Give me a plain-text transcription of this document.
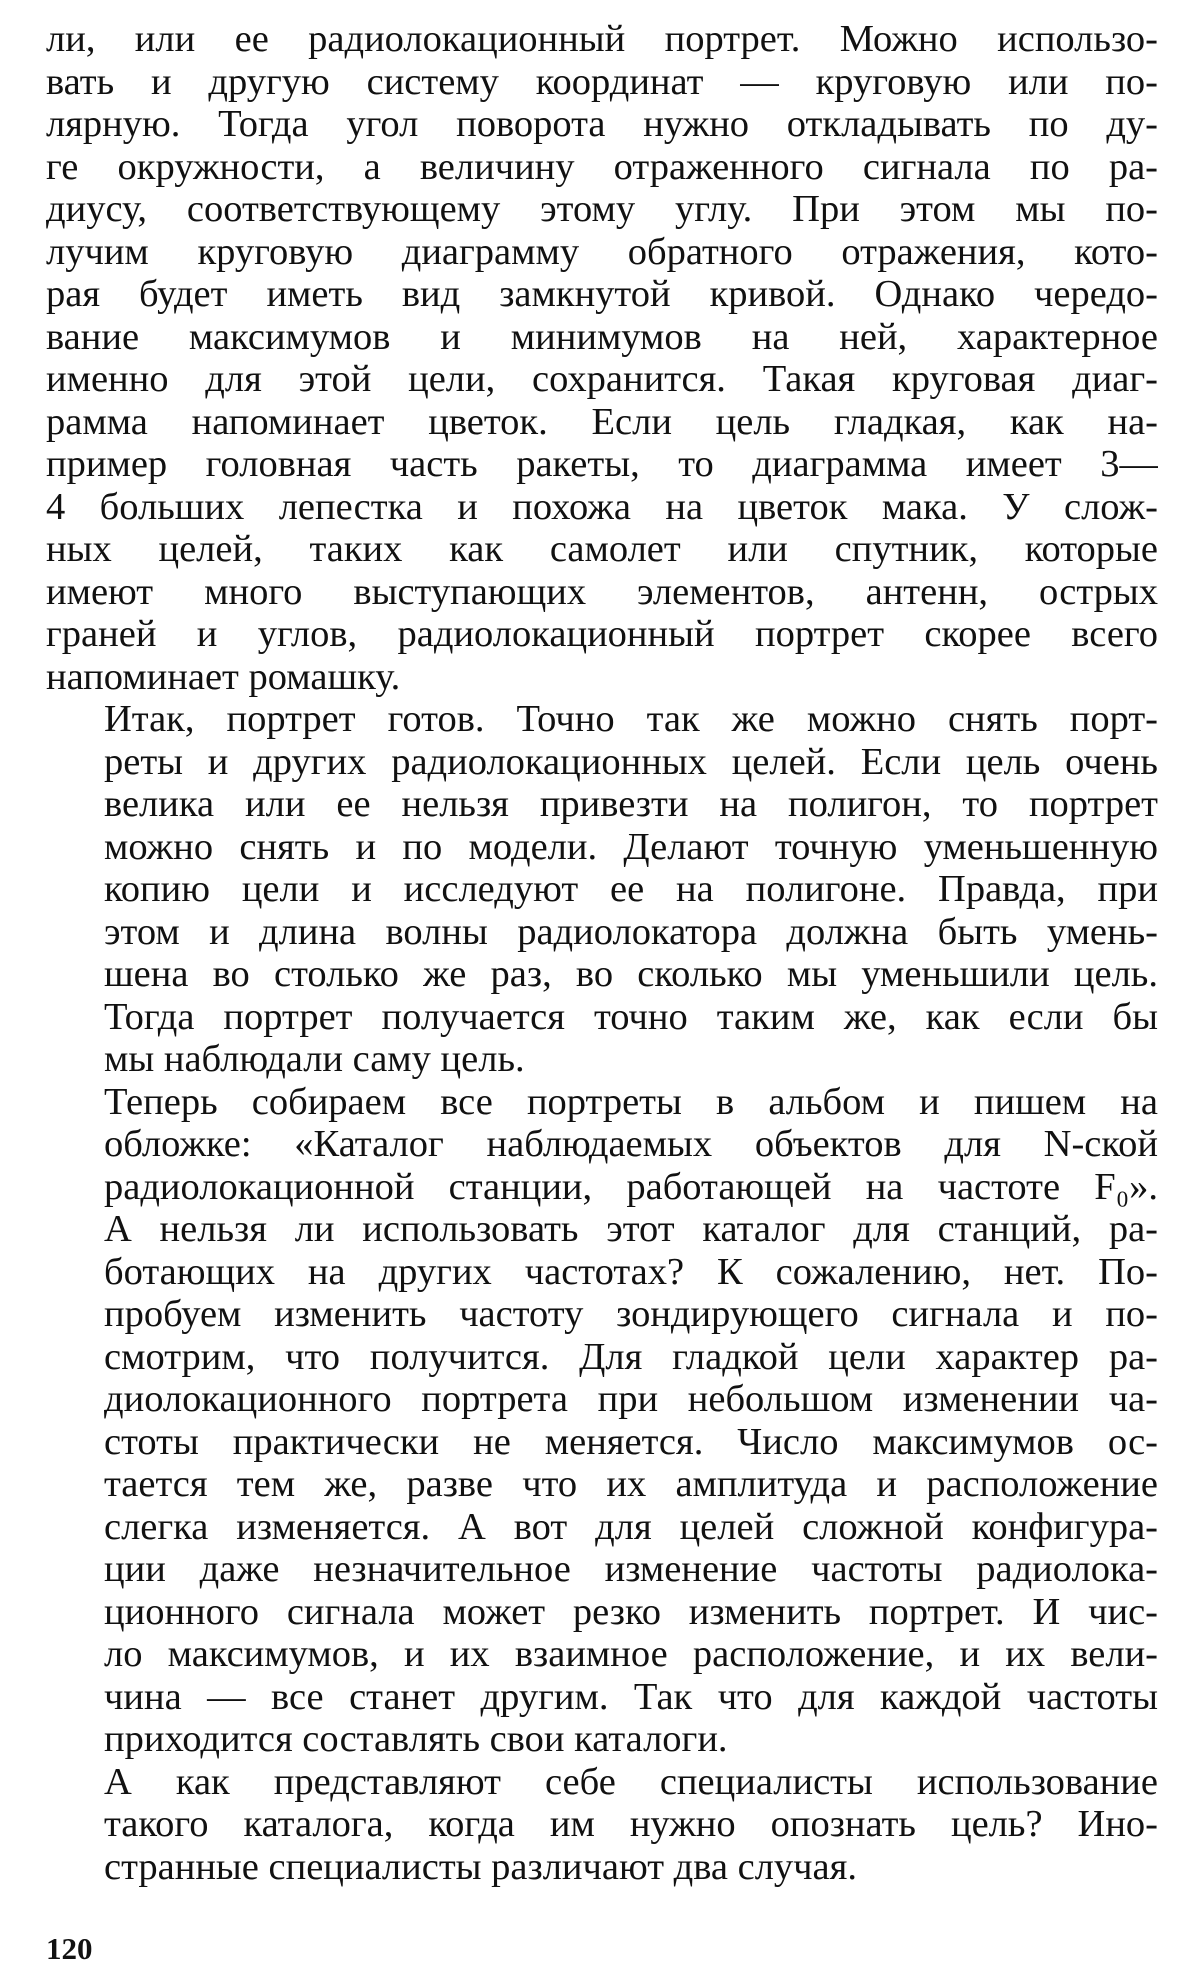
ли, или ее радиолокационный портрет. Можно использо-
вать и другую систему координат — круговую или по-
лярную. Тогда угол поворота нужно откладывать по ду-
ге окружности, а величину отраженного сигнала по ра-
диусу, соответствующему этому углу. При этом мы по-
лучим круговую диаграмму обратного отражения, кото-
рая будет иметь вид замкнутой кривой. Однако чередо-
вание максимумов и минимумов на ней, характерное
именно для этой цели, сохранится. Такая круговая диаг-
рамма напоминает цветок. Если цель гладкая, как на-
пример головная часть ракеты, то диаграмма имеет 3—
4 больших лепестка и похожа на цветок мака. У слож-
ных целей, таких как самолет или спутник, которые
имеют много выступающих элементов, антенн, острых
граней и углов, радиолокационный портрет скорее всего
напоминает ромашку.

Итак, портрет готов. Точно так же можно снять порт-
реты и других радиолокационных целей. Если цель очень
велика или ее нельзя привезти на полигон, то портрет
можно снять и по модели. Делают точную уменьшенную
копию цели и исследуют ее на полигоне. Правда, при
этом и длина волны радиолокатора должна быть умень-
шена во столько же раз, во сколько мы уменьшили цель.
Тогда портрет получается точно таким же, как если бы
мы наблюдали саму цель.

Теперь собираем все портреты в альбом и пишем на
обложке: «Каталог наблюдаемых объектов для N-ской
радиолокационной станции, работающей на частоте F₀».
А нельзя ли использовать этот каталог для станций, ра-
ботающих на других частотах? К сожалению, нет. По-
пробуем изменить частоту зондирующего сигнала и по-
смотрим, что получится. Для гладкой цели характер ра-
диолокационного портрета при небольшом изменении ча-
стоты практически не меняется. Число максимумов ос-
тается тем же, разве что их амплитуда и расположение
слегка изменяется. А вот для целей сложной конфигура-
ции даже незначительное изменение частоты радиолока-
ционного сигнала может резко изменить портрет. И чис-
ло максимумов, и их взаимное расположение, и их вели-
чина — все станет другим. Так что для каждой частоты
приходится составлять свои каталоги.

А как представляют себе специалисты использование
такого каталога, когда им нужно опознать цель? Ино-
странные специалисты различают два случая.

120
